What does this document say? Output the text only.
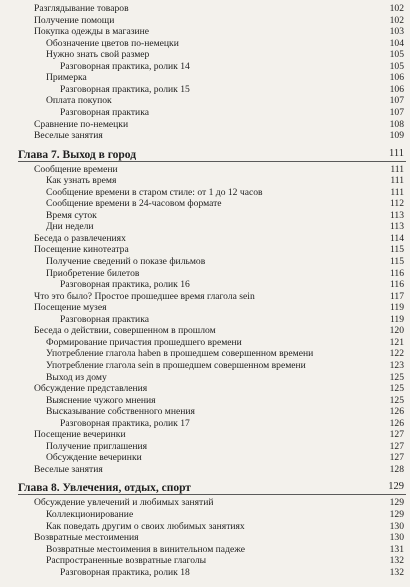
Разглядывание товаров	102
Получение помощи	102
Покупка одежды в магазине	103
Обозначение цветов по-немецки	104
Нужно знать свой размер	105
Разговорная практика, ролик 14	105
Примерка	106
Разговорная практика, ролик 15	106
Оплата покупок	107
Разговорная практика	107
Сравнение по-немецки	108
Веселые занятия	109
Глава 7. Выход в город	111
Сообщение времени	111
Как узнать время	111
Сообщение времени в старом стиле: от 1 до 12 часов	111
Сообщение времени в 24-часовом формате	112
Время суток	113
Дни недели	113
Беседа о развлечениях	114
Посещение кинотеатра	115
Получение сведений о показе фильмов	115
Приобретение билетов	116
Разговорная практика, ролик 16	116
Что это было? Простое прошедшее время глагола sein	117
Посещение музея	119
Разговорная практика	119
Беседа о действии, совершенном в прошлом	120
Формирование причастия прошедшего времени	121
Употребление глагола haben в прошедшем совершенном времени	122
Употребление глагола sein в прошедшем совершенном времени	123
Выход из дому	125
Обсуждение представления	125
Выяснение чужого мнения	125
Высказывание собственного мнения	126
Разговорная практика, ролик 17	126
Посещение вечеринки	127
Получение приглашения	127
Обсуждение вечеринки	127
Веселые занятия	128
Глава 8. Увлечения, отдых, спорт	129
Обсуждение увлечений и любимых занятий	129
Коллекционирование	129
Как поведать другим о своих любимых занятиях	130
Возвратные местоимения	130
Возвратные местоимения в винительном падеже	131
Распространенные возвратные глаголы	132
Разговорная практика, ролик 18	132
